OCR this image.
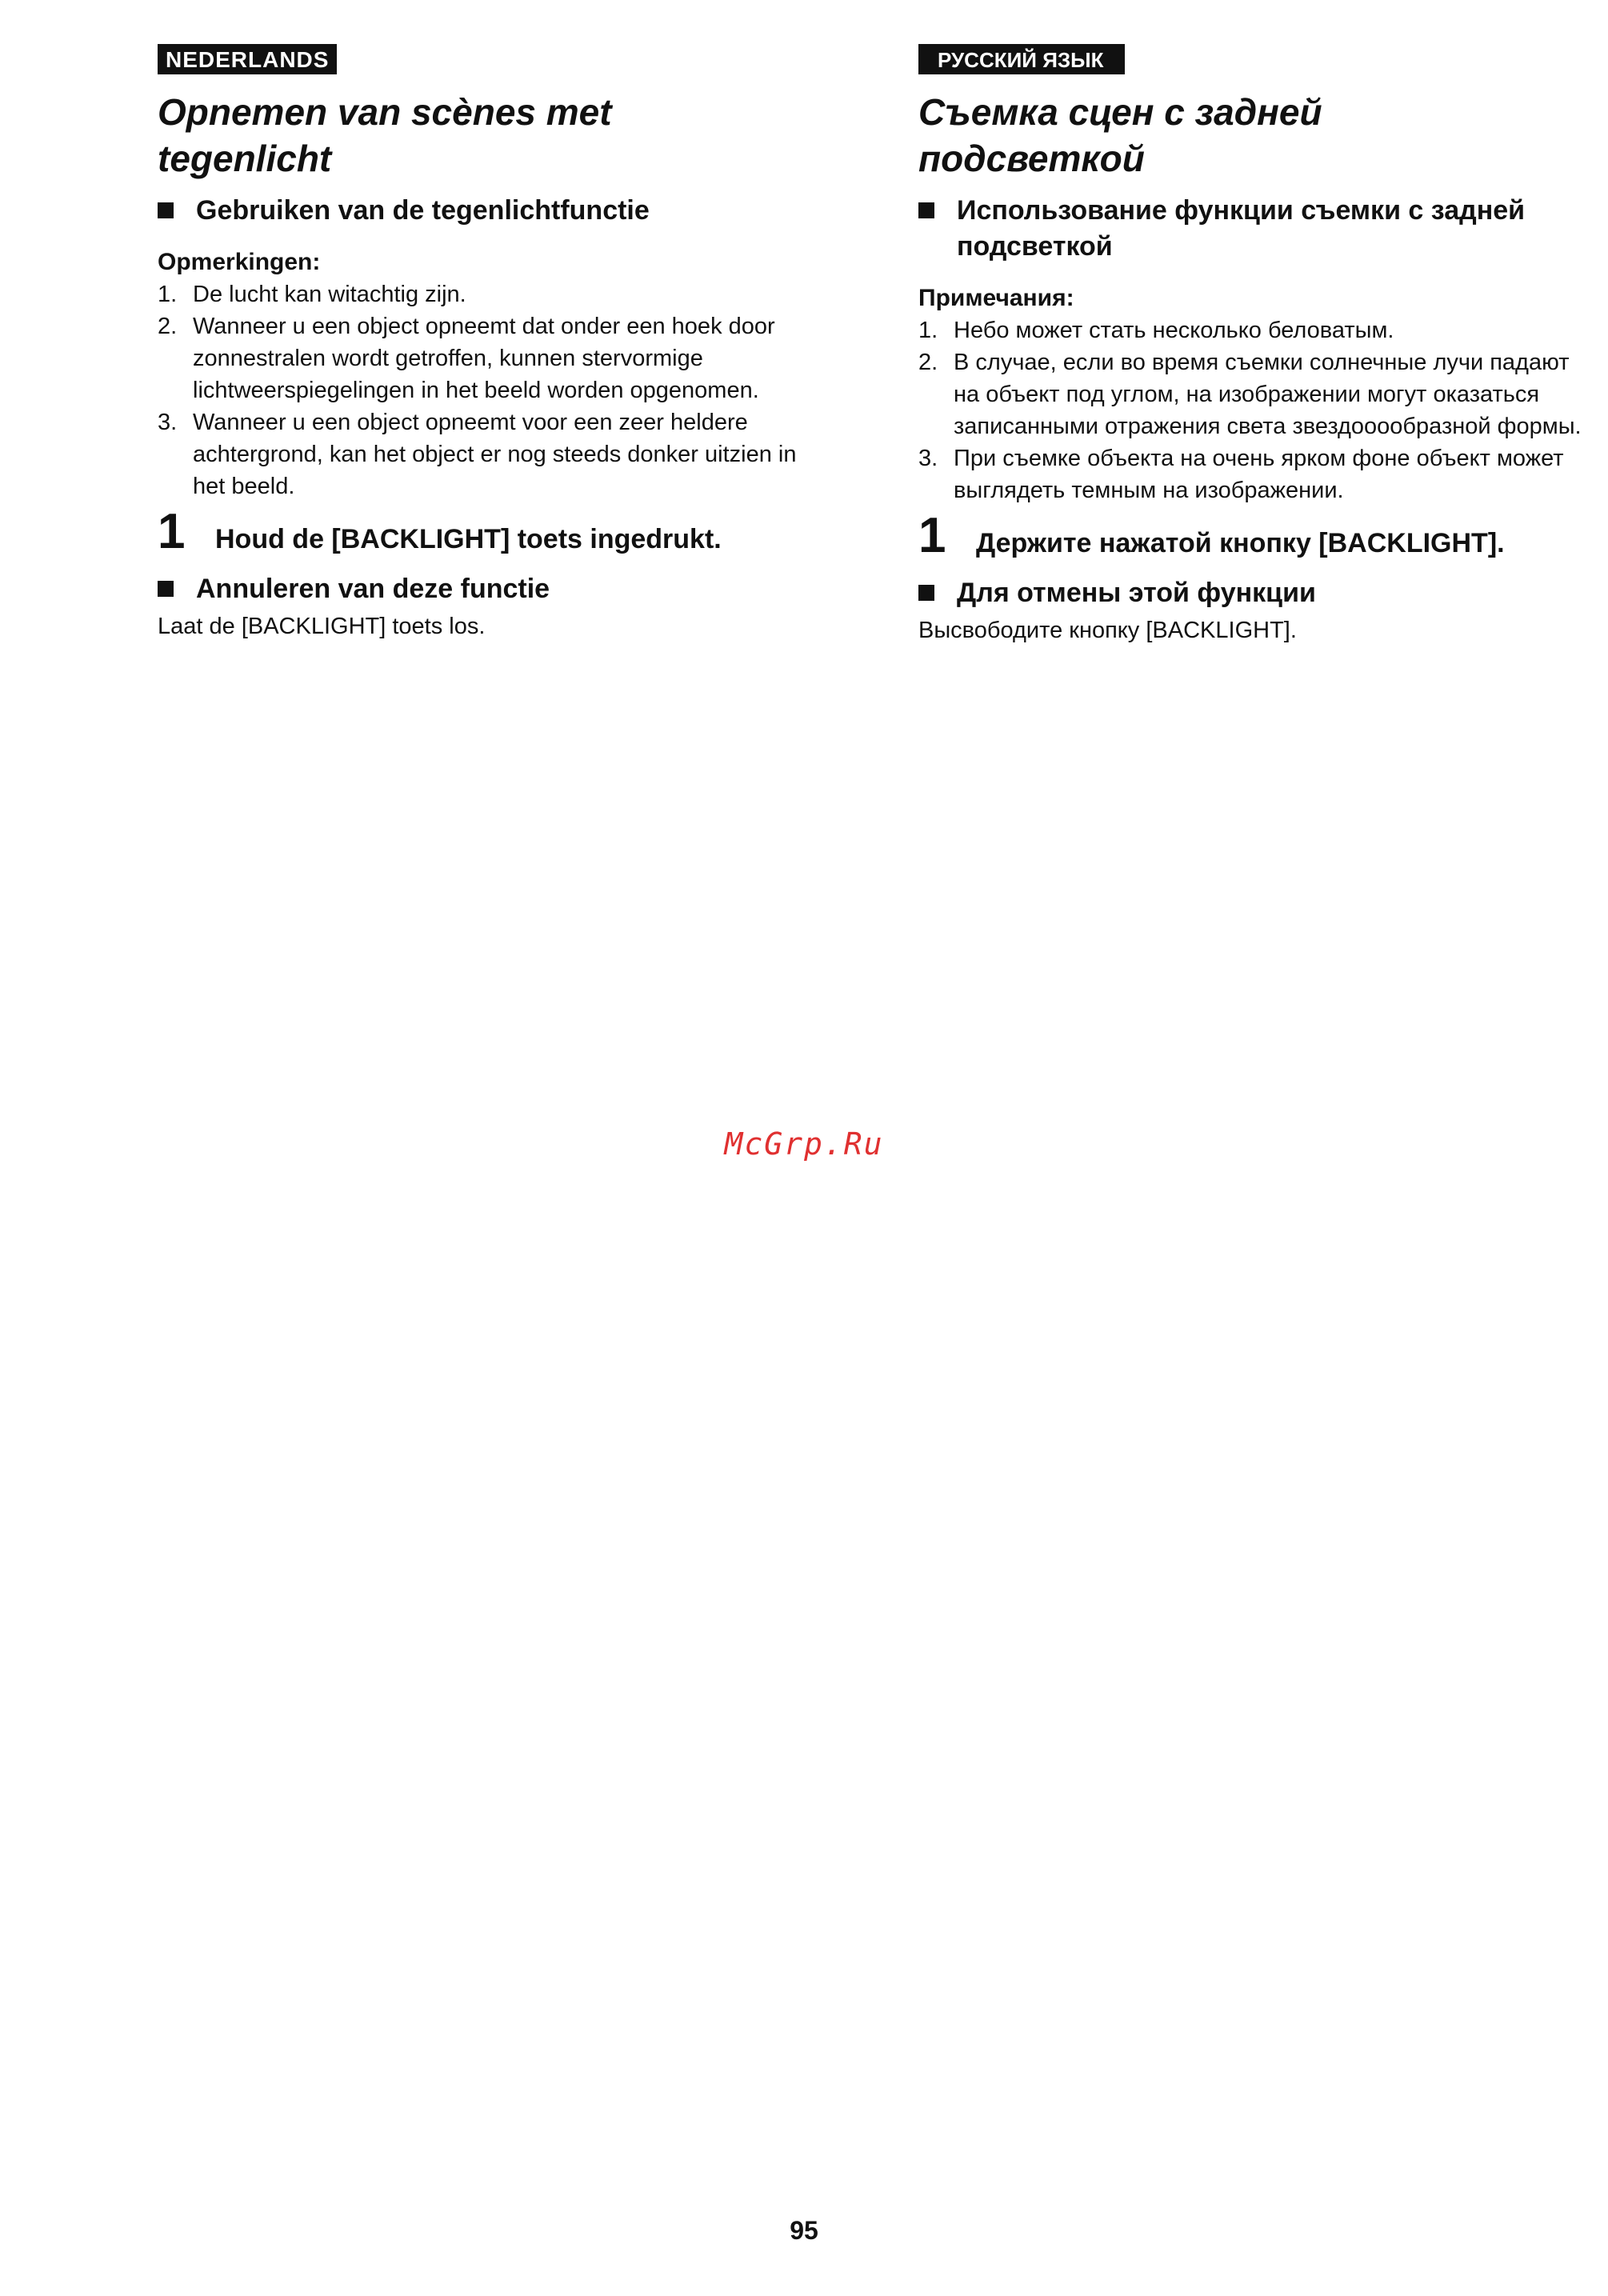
NEDERLANDS
Opnemen van scènes met
tegenlicht
Gebruiken van de tegenlichtfunctie

Opmerkingen:

1. De lucht kan witachtig zijn.
2. Wanneer u een object opneemt dat onder een hoek door zonnestralen wordt getroffen, kunnen stervormige lichtweerspiegelingen in het beeld worden opgenomen.
3. Wanneer u een object opneemt voor een zeer heldere achtergrond, kan het object er nog steeds donker uitzien in het beeld.
1	Houd de [BACKLIGHT] toets ingedrukt.
Annuleren van deze functie

Laat de [BACKLIGHT] toets los.

РУССКИЙ ЯЗЫК
Съемка сцен с задней
подсветкой
Использование функции съемки с задней подсветкой

Примечания:

1. Небо может стать несколько беловатым.
2. В случае, если во время съемки солнечные лучи падают на объект под углом, на изображении могут оказаться записанными отражения света звездооообразной формы.
3. При съемке объекта на очень ярком фоне объект может выглядеть темным на изображении.
1	Держите нажатой кнопку [BACKLIGHT].
Для отмены этой функции

Высвободите кнопку [BACKLIGHT].

McGrp.Ru
95
